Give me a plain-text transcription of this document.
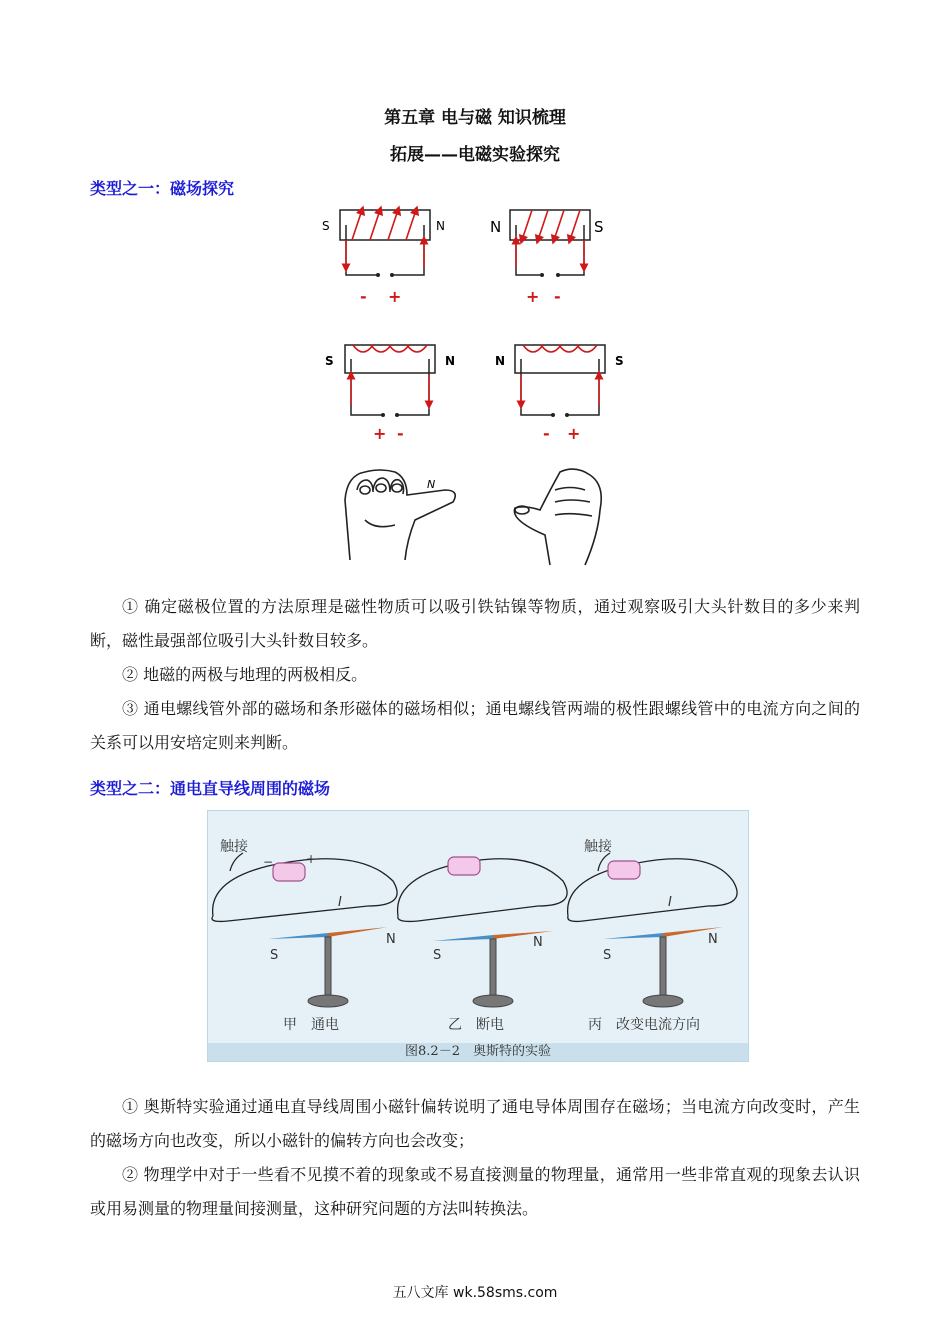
第五章 电与磁 知识梳理
拓展——电磁实验探究
类型之一：磁场探究
S	N
- +
N	S
+ -
S	N
+ -
N	S
- +
N
① 确定磁极位置的方法原理是磁性物质可以吸引铁钴镍等物质，通过观察吸引大头针数目的多少来判断，磁性最强部位吸引大头针数目较多。
② 地磁的两极与地理的两极相反。
③ 通电螺线管外部的磁场和条形磁体的磁场相似；通电螺线管两端的极性跟螺线管中的电流方向之间的关系可以用安培定则来判断。
类型之二：通电直导线周围的磁场
触接	触接
−	+
I	I
S
N
S
N
S
N
甲　通电	乙　断电	丙　改变电流方向
图8.2－2　奥斯特的实验
① 奥斯特实验通过通电直导线周围小磁针偏转说明了通电导体周围存在磁场；当电流方向改变时，产生的磁场方向也改变，所以小磁针的偏转方向也会改变；
② 物理学中对于一些看不见摸不着的现象或不易直接测量的物理量，通常用一些非常直观的现象去认识或用易测量的物理量间接测量，这种研究问题的方法叫转换法。
五八文库 wk.58sms.com
